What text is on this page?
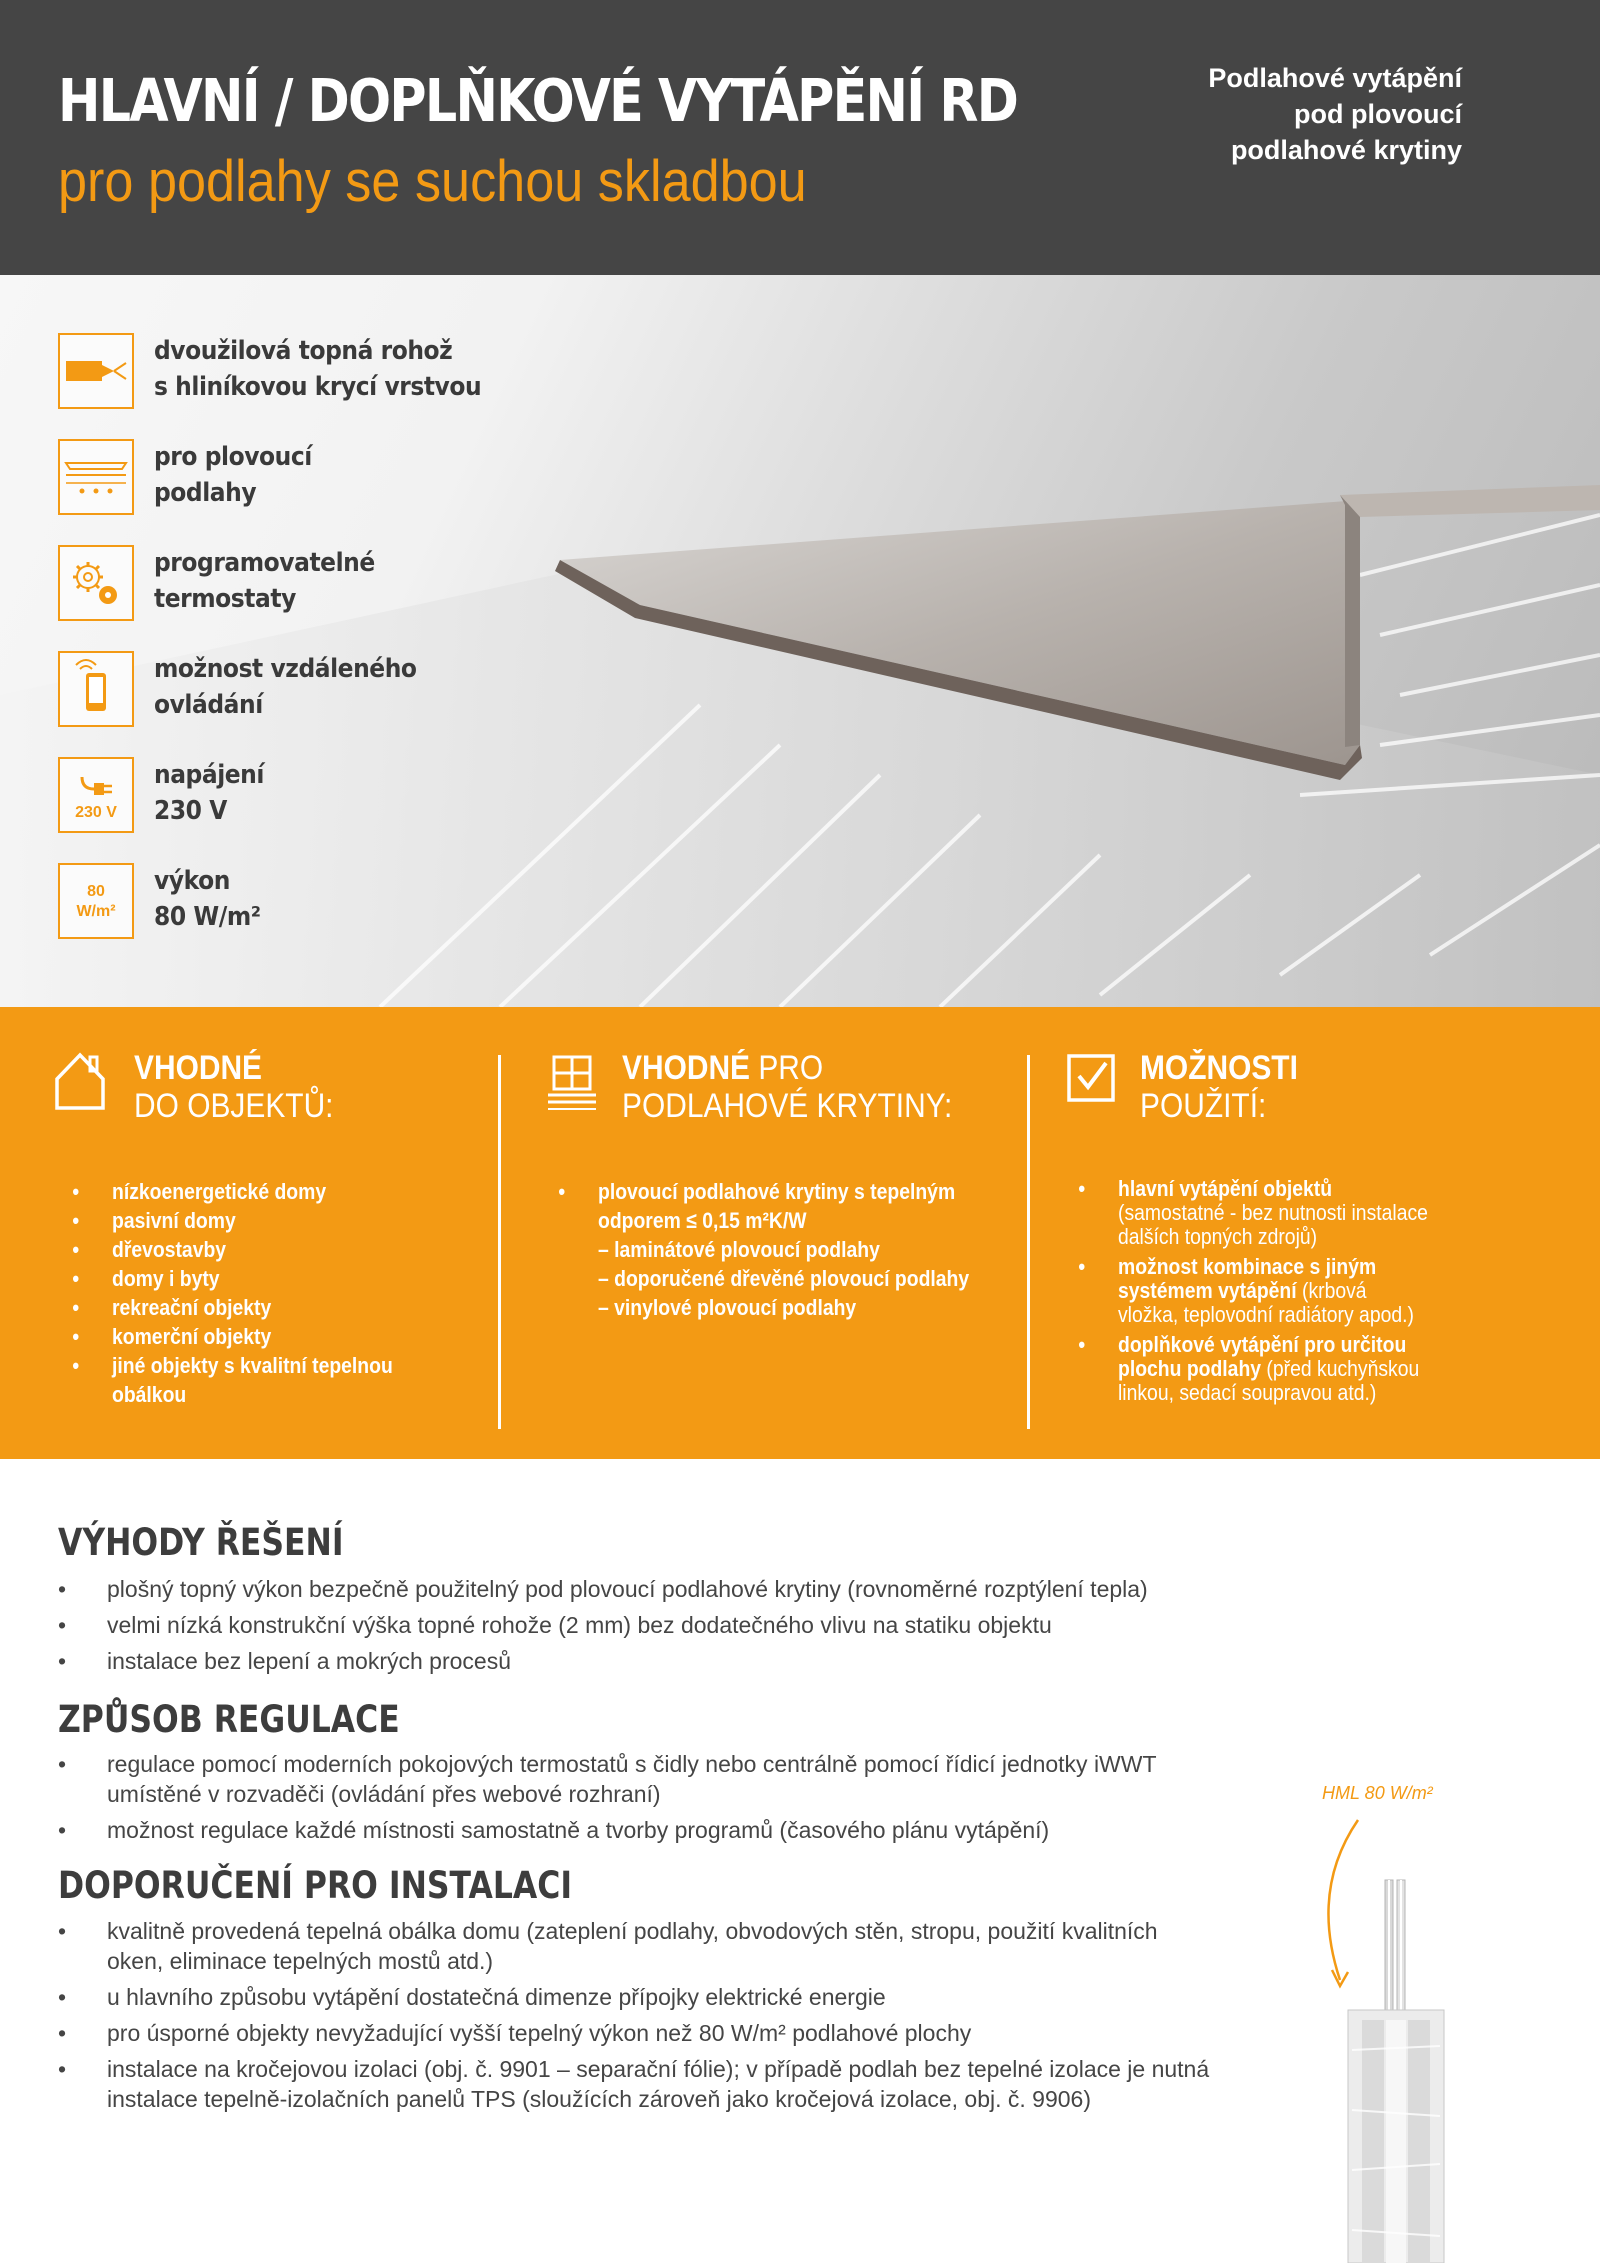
HLAVNÍ / DOPLŇKOVÉ VYTÁPĚNÍ RD
pro podlahy se suchou skladbou
Podlahové vytápění
pod plovoucí
podlahové krytiny
dvoužilová topná rohož
s hliníkovou krycí vrstvou
pro plovoucí
podlahy
programovatelné
termostaty
možnost vzdáleného
ovládání
230 V
napájení
230 V
80
W/m²
výkon
80 W/m²
VHODNÉ
DO OBJEKTŮ:
• nízkoenergetické domy
• pasivní domy
• dřevostavby
• domy i byty
• rekreační objekty
• komerční objekty
• jiné objekty s kvalitní tepelnou
obálkou
VHODNÉ PRO
PODLAHOVÉ KRYTINY:
• plovoucí podlahové krytiny s tepelným
odporem ≤ 0,15 m²K/W
– laminátové plovoucí podlahy
– doporučené dřevěné plovoucí podlahy
– vinylové plovoucí podlahy
MOŽNOSTI
POUŽITÍ:
• hlavní vytápění objektů
(samostatné - bez nutnosti instalace
dalších topných zdrojů)
• možnost kombinace s jiným
systémem vytápění (krbová
vložka, teplovodní radiátory apod.)
• doplňkové vytápění pro určitou
plochu podlahy (před kuchyňskou
linkou, sedací soupravou atd.)
VÝHODY ŘEŠENÍ
• plošný topný výkon bezpečně použitelný pod plovoucí podlahové krytiny (rovnoměrné rozptýlení tepla)
• velmi nízká konstrukční výška topné rohože (2 mm) bez dodatečného vlivu na statiku objektu
• instalace bez lepení a mokrých procesů
ZPŮSOB REGULACE
• regulace pomocí moderních pokojových termostatů s čidly nebo centrálně pomocí řídicí jednotky iWWT
umístěné v rozvaděči (ovládání přes webové rozhraní)
• možnost regulace každé místnosti samostatně a tvorby programů (časového plánu vytápění)
DOPORUČENÍ PRO INSTALACI
• kvalitně provedená tepelná obálka domu (zateplení podlahy, obvodových stěn, stropu, použití kvalitních
oken, eliminace tepelných mostů atd.)
• u hlavního způsobu vytápění dostatečná dimenze přípojky elektrické energie
• pro úsporné objekty nevyžadující vyšší tepelný výkon než 80 W/m² podlahové plochy
• instalace na kročejovou izolaci (obj. č. 9901 – separační fólie); v případě podlah bez tepelné izolace je nutná
instalace tepelně-izolačních panelů TPS (sloužících zároveň jako kročejová izolace, obj. č. 9906)
HML 80 W/m²
